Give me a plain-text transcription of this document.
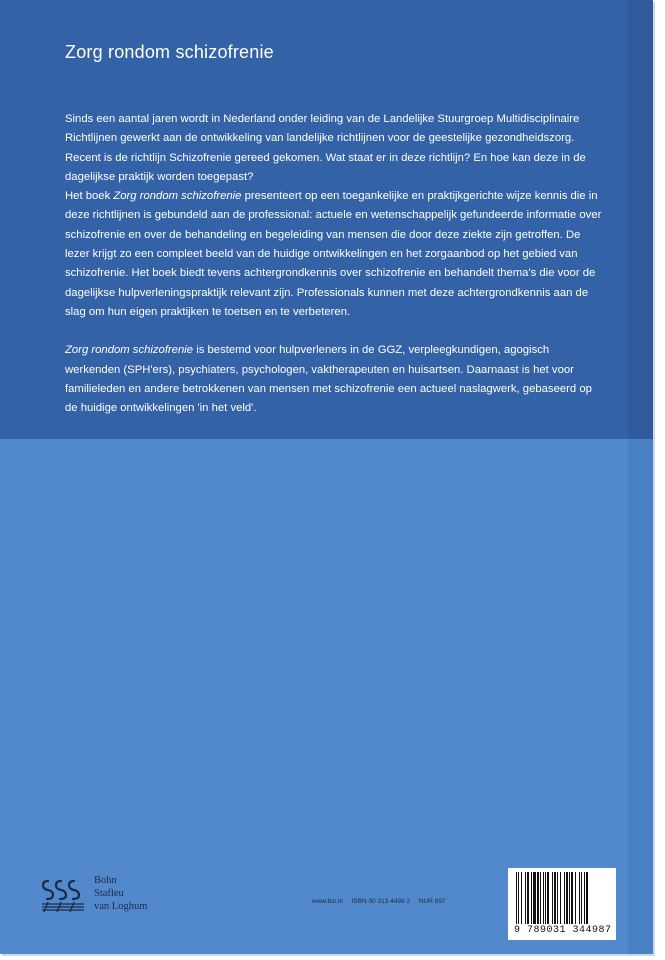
Zorg rondom schizofrenie

Sinds een aantal jaren wordt in Nederland onder leiding van de Landelijke Stuurgroep Multidisciplinaire Richtlijnen gewerkt aan de ontwikkeling van landelijke richtlijnen voor de geestelijke gezondheidszorg. Recent is de richtlijn Schizofrenie gereed gekomen. Wat staat er in deze richtlijn? En hoe kan deze in de dagelijkse praktijk worden toegepast?

Het boek Zorg rondom schizofrenie presenteert op een toegankelijke en praktijkgerichte wijze kennis die in deze richtlijnen is gebundeld aan de professional: actuele en wetenschappelijk gefundeerde informatie over schizofrenie en over de behandeling en begeleiding van mensen die door deze ziekte zijn getroffen. De lezer krijgt zo een compleet beeld van de huidige ontwikkelingen en het zorgaanbod op het gebied van schizofrenie. Het boek biedt tevens achtergrondkennis over schizofrenie en behandelt thema's die voor de dagelijkse hulpverleningspraktijk relevant zijn. Professionals kunnen met deze achtergrondkennis aan de slag om hun eigen praktijken te toetsen en te verbeteren.

Zorg rondom schizofrenie is bestemd voor hulpverleners in de GGZ, verpleegkundigen, agogisch werkenden (SPH'ers), psychiaters, psychologen, vaktherapeuten en huisartsen. Daarnaast is het voor familieleden en andere betrokkenen van mensen met schizofrenie een actueel naslagwerk, gebaseerd op de huidige ontwikkelingen 'in het veld'.

Bohn
Stafleu
van Loghum	www.bsl.nl ISBN 90 313 4498 2 NUR 897
9 789031 344987
